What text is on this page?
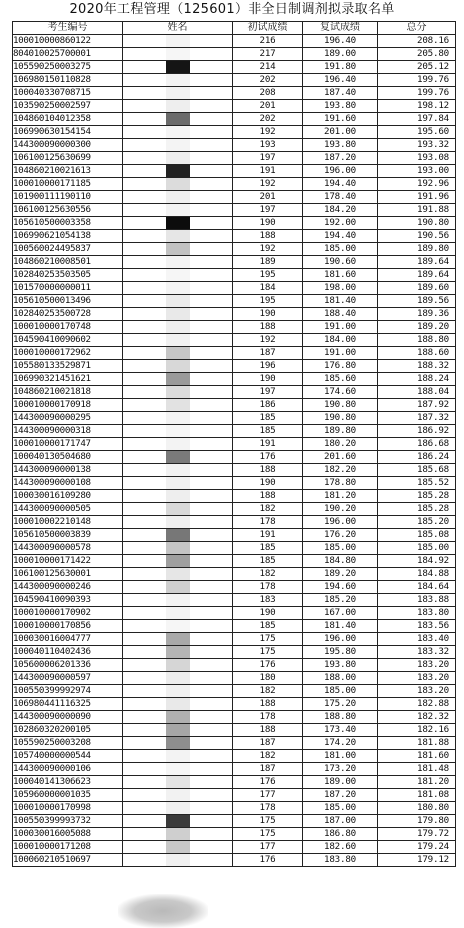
2020年工程管理（125601）非全日制调剂拟录取名单
考生编号	姓名	初试成绩	复试成绩	总分
100010000860122		216	196.40	208.16
804010025700001		217	189.00	205.80
105590250003275		214	191.80	205.12
106980150110828		202	196.40	199.76
100040330708715		208	187.40	199.76
103590250002597		201	193.80	198.12
104860104012358		202	191.60	197.84
106990630154154		192	201.00	195.60
144300090000300		193	193.80	193.32
106100125630699		197	187.20	193.08
104860210021613		191	196.00	193.00
100010000171185		192	194.40	192.96
101900111190110		201	178.40	191.96
106100125630556		197	184.20	191.88
105610500003358		190	192.00	190.80
106990621054138		188	194.40	190.56
100560024495837		192	185.00	189.80
104860210008501		189	190.60	189.64
102840253503505		195	181.60	189.64
101570000000011		184	198.00	189.60
105610500013496		195	181.40	189.56
102840253500728		190	188.40	189.36
100010000170748		188	191.00	189.20
104590410090602		192	184.00	188.80
100010000172962		187	191.00	188.60
105580133529871		196	176.80	188.32
106990321451621		190	185.60	188.24
104860210021818		197	174.60	188.04
100010000170918		186	190.80	187.92
144300090000295		185	190.80	187.32
144300090000318		185	189.80	186.92
100010000171747		191	180.20	186.68
100040130504680		176	201.60	186.24
144300090000138		188	182.20	185.68
144300090000108		190	178.80	185.52
100030016109280		188	181.20	185.28
144300090000505		182	190.20	185.28
100010002210148		178	196.00	185.20
105610500003839		191	176.20	185.08
144300090000578		185	185.00	185.00
100010000171422		185	184.80	184.92
106100125630001		182	189.20	184.88
144300090000246		178	194.60	184.64
104590410090393		183	185.20	183.88
100010000170902		190	167.00	183.80
100010000170856		185	181.40	183.56
100030016004777		175	196.00	183.40
100040110402436		175	195.80	183.32
105600006201336		176	193.80	183.20
144300090000597		180	188.00	183.20
100550399992974		182	185.00	183.20
106980441116325		188	175.20	182.88
144300090000090		178	188.80	182.32
102860320200105		188	173.40	182.16
105590250003208		187	174.20	181.88
105740000000544		182	181.00	181.60
144300090000106		187	173.20	181.48
100040141306623		176	189.00	181.20
105960000001035		177	187.20	181.08
100010000170998		178	185.00	180.80
100550399993732		175	187.00	179.80
100030016005088		175	186.80	179.72
100010000171208		177	182.60	179.24
100060210510697		176	183.80	179.12
